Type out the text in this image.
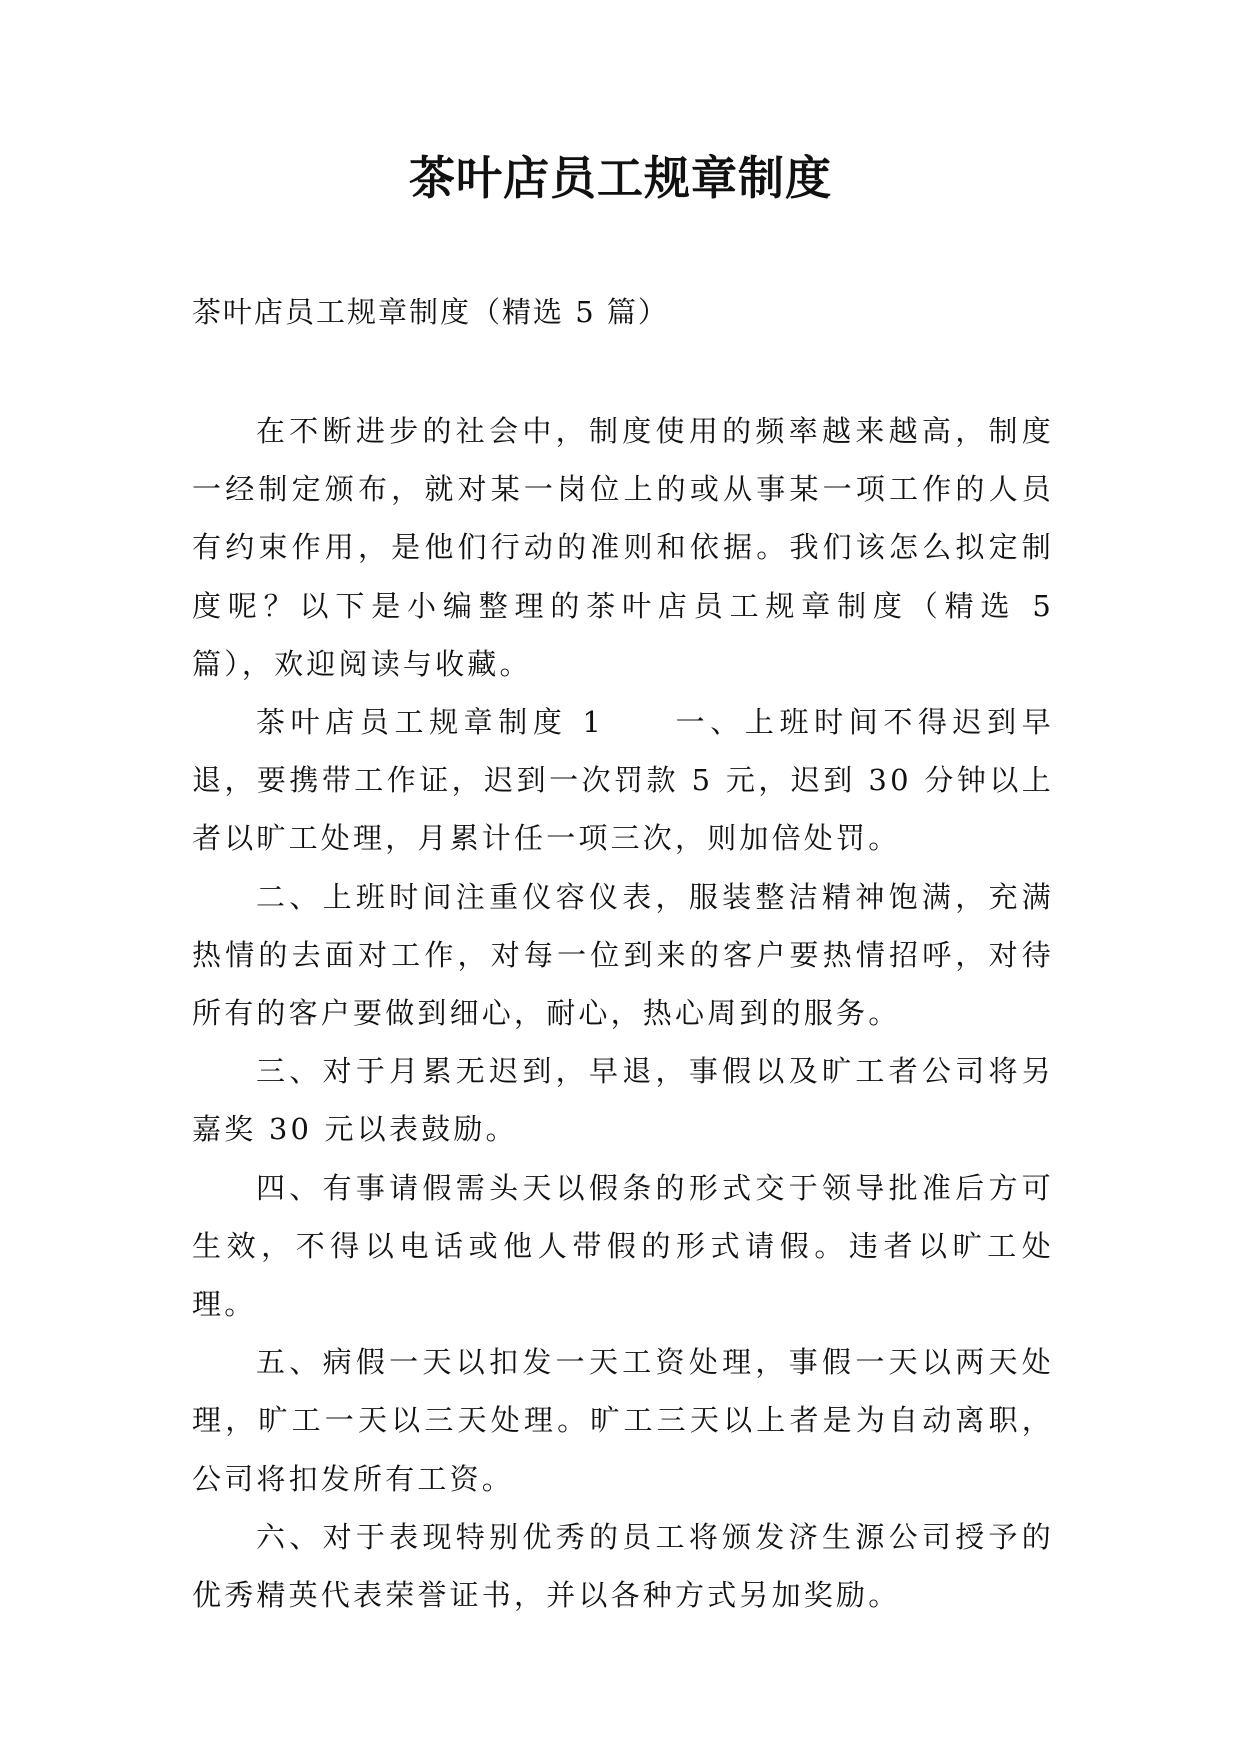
茶叶店员工规章制度
茶叶店员工规章制度（精选 5 篇）

在不断进步的社会中，制度使用的频率越来越高，制度一经制定颁布，就对某一岗位上的或从事某一项工作的人员有约束作用，是他们行动的准则和依据。我们该怎么拟定制度呢？以下是小编整理的茶叶店员工规章制度（精选 5 篇），欢迎阅读与收藏。

茶叶店员工规章制度 1　　一、上班时间不得迟到早退，要携带工作证，迟到一次罚款 5 元，迟到 30 分钟以上者以旷工处理，月累计任一项三次，则加倍处罚。

二、上班时间注重仪容仪表，服装整洁精神饱满，充满热情的去面对工作，对每一位到来的客户要热情招呼，对待所有的客户要做到细心，耐心，热心周到的服务。

三、对于月累无迟到，早退，事假以及旷工者公司将另嘉奖 30 元以表鼓励。

四、有事请假需头天以假条的形式交于领导批准后方可生效，不得以电话或他人带假的形式请假。违者以旷工处理。

五、病假一天以扣发一天工资处理，事假一天以两天处理，旷工一天以三天处理。旷工三天以上者是为自动离职，公司将扣发所有工资。

六、对于表现特别优秀的员工将颁发济生源公司授予的优秀精英代表荣誉证书，并以各种方式另加奖励。
